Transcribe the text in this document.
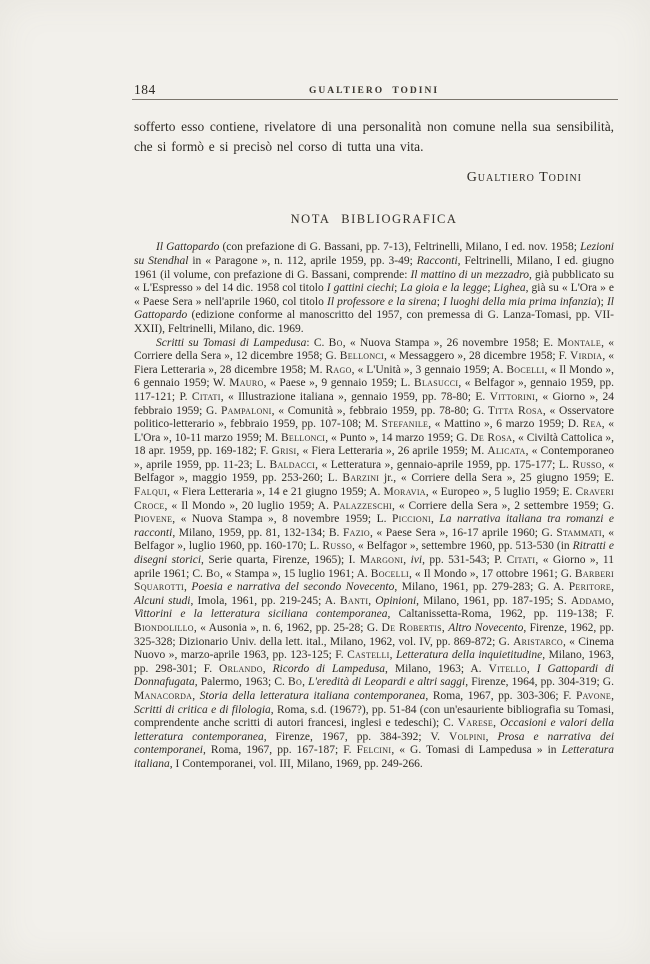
184	GUALTIERO TODINI

sofferto esso contiene, rivelatore di una personalità non comune nella sua sensibilità, che si formò e si precisò nel corso di tutta una vita.

Gualtiero Todini
NOTA BIBLIOGRAFICA

Il Gattopardo (con prefazione di G. Bassani, pp. 7-13), Feltrinelli, Milano, I ed. nov. 1958; Lezioni su Stendhal in « Paragone », n. 112, aprile 1959, pp. 3-49; Racconti, Feltrinelli, Milano, I ed. giugno 1961 (il volume, con prefazione di G. Bassani, comprende: Il mattino di un mezzadro, già pubblicato su « L'Espresso » del 14 dic. 1958 col titolo I gattini ciechi; La gioia e la legge; Lighea, già su « L'Ora » e « Paese Sera » nell'aprile 1960, col titolo Il professore e la sirena; I luoghi della mia prima infanzia); Il Gattopardo (edizione conforme al manoscritto del 1957, con premessa di G. Lanza-Tomasi, pp. VII-XXII), Feltrinelli, Milano, dic. 1969.

Scritti su Tomasi di Lampedusa: C. Bo, « Nuova Stampa », 26 novembre 1958; E. Montale, « Corriere della Sera », 12 dicembre 1958; G. Bellonci, « Messaggero », 28 dicembre 1958; F. Virdia, « Fiera Letteraria », 28 dicembre 1958; M. Rago, « L'Unità », 3 gennaio 1959; A. Bocelli, « Il Mondo », 6 gennaio 1959; W. Mauro, « Paese », 9 gennaio 1959; L. Blasucci, « Belfagor », gennaio 1959, pp. 117-121; P. Citati, « Illustrazione italiana », gennaio 1959, pp. 78-80; E. Vittorini, « Giorno », 24 febbraio 1959; G. Pampaloni, « Comunità », febbraio 1959, pp. 78-80; G. Titta Rosa, « Osservatore politico-letterario », febbraio 1959, pp. 107-108; M. Stefanile, « Mattino », 6 marzo 1959; D. Rea, « L'Ora », 10-11 marzo 1959; M. Bellonci, « Punto », 14 marzo 1959; G. De Rosa, « Civiltà Cattolica », 18 apr. 1959, pp. 169-182; F. Grisi, « Fiera Letteraria », 26 aprile 1959; M. Alicata, « Contemporaneo », aprile 1959, pp. 11-23; L. Baldacci, « Letteratura », gennaio-aprile 1959, pp. 175-177; L. Russo, « Belfagor », maggio 1959, pp. 253-260; L. Barzini jr., « Corriere della Sera », 25 giugno 1959; E. Falqui, « Fiera Letteraria », 14 e 21 giugno 1959; A. Moravia, « Europeo », 5 luglio 1959; E. Craveri Croce, « Il Mondo », 20 luglio 1959; A. Palazzeschi, « Corriere della Sera », 2 settembre 1959; G. Piovene, « Nuova Stampa », 8 novembre 1959; L. Piccioni, La narrativa italiana tra romanzi e racconti, Milano, 1959, pp. 81, 132-134; B. Fazio, « Paese Sera », 16-17 aprile 1960; G. Stammati, « Belfagor », luglio 1960, pp. 160-170; L. Russo, « Belfagor », settembre 1960, pp. 513-530 (in Ritratti e disegni storici, Serie quarta, Firenze, 1965); I. Margoni, ivi, pp. 531-543; P. Citati, « Giorno », 11 aprile 1961; C. Bo, « Stampa », 15 luglio 1961; A. Bocelli, « Il Mondo », 17 ottobre 1961; G. Barberi Squarotti, Poesia e narrativa del secondo Novecento, Milano, 1961, pp. 279-283; G. A. Peritore, Alcuni studi, Imola, 1961, pp. 219-245; A. Banti, Opinioni, Milano, 1961, pp. 187-195; S. Addamo, Vittorini e la letteratura siciliana contemporanea, Caltanissetta-Roma, 1962, pp. 119-138; F. Biondolillo, « Ausonia », n. 6, 1962, pp. 25-28; G. De Robertis, Altro Novecento, Firenze, 1962, pp. 325-328; Dizionario Univ. della lett. ital., Milano, 1962, vol. IV, pp. 869-872; G. Aristarco, « Cinema Nuovo », marzo-aprile 1963, pp. 123-125; F. Castelli, Letteratura della inquietitudine, Milano, 1963, pp. 298-301; F. Orlando, Ricordo di Lampedusa, Milano, 1963; A. Vitello, I Gattopardi di Donnafugata, Palermo, 1963; C. Bo, L'eredità di Leopardi e altri saggi, Firenze, 1964, pp. 304-319; G. Manacorda, Storia della letteratura italiana contemporanea, Roma, 1967, pp. 303-306; F. Pavone, Scritti di critica e di filologia, Roma, s.d. (1967?), pp. 51-84 (con un'esauriente bibliografia su Tomasi, comprendente anche scritti di autori francesi, inglesi e tedeschi); C. Varese, Occasioni e valori della letteratura contemporanea, Firenze, 1967, pp. 384-392; V. Volpini, Prosa e narrativa dei contemporanei, Roma, 1967, pp. 167-187; F. Felcini, « G. Tomasi di Lampedusa » in Letteratura italiana, I Contemporanei, vol. III, Milano, 1969, pp. 249-266.
